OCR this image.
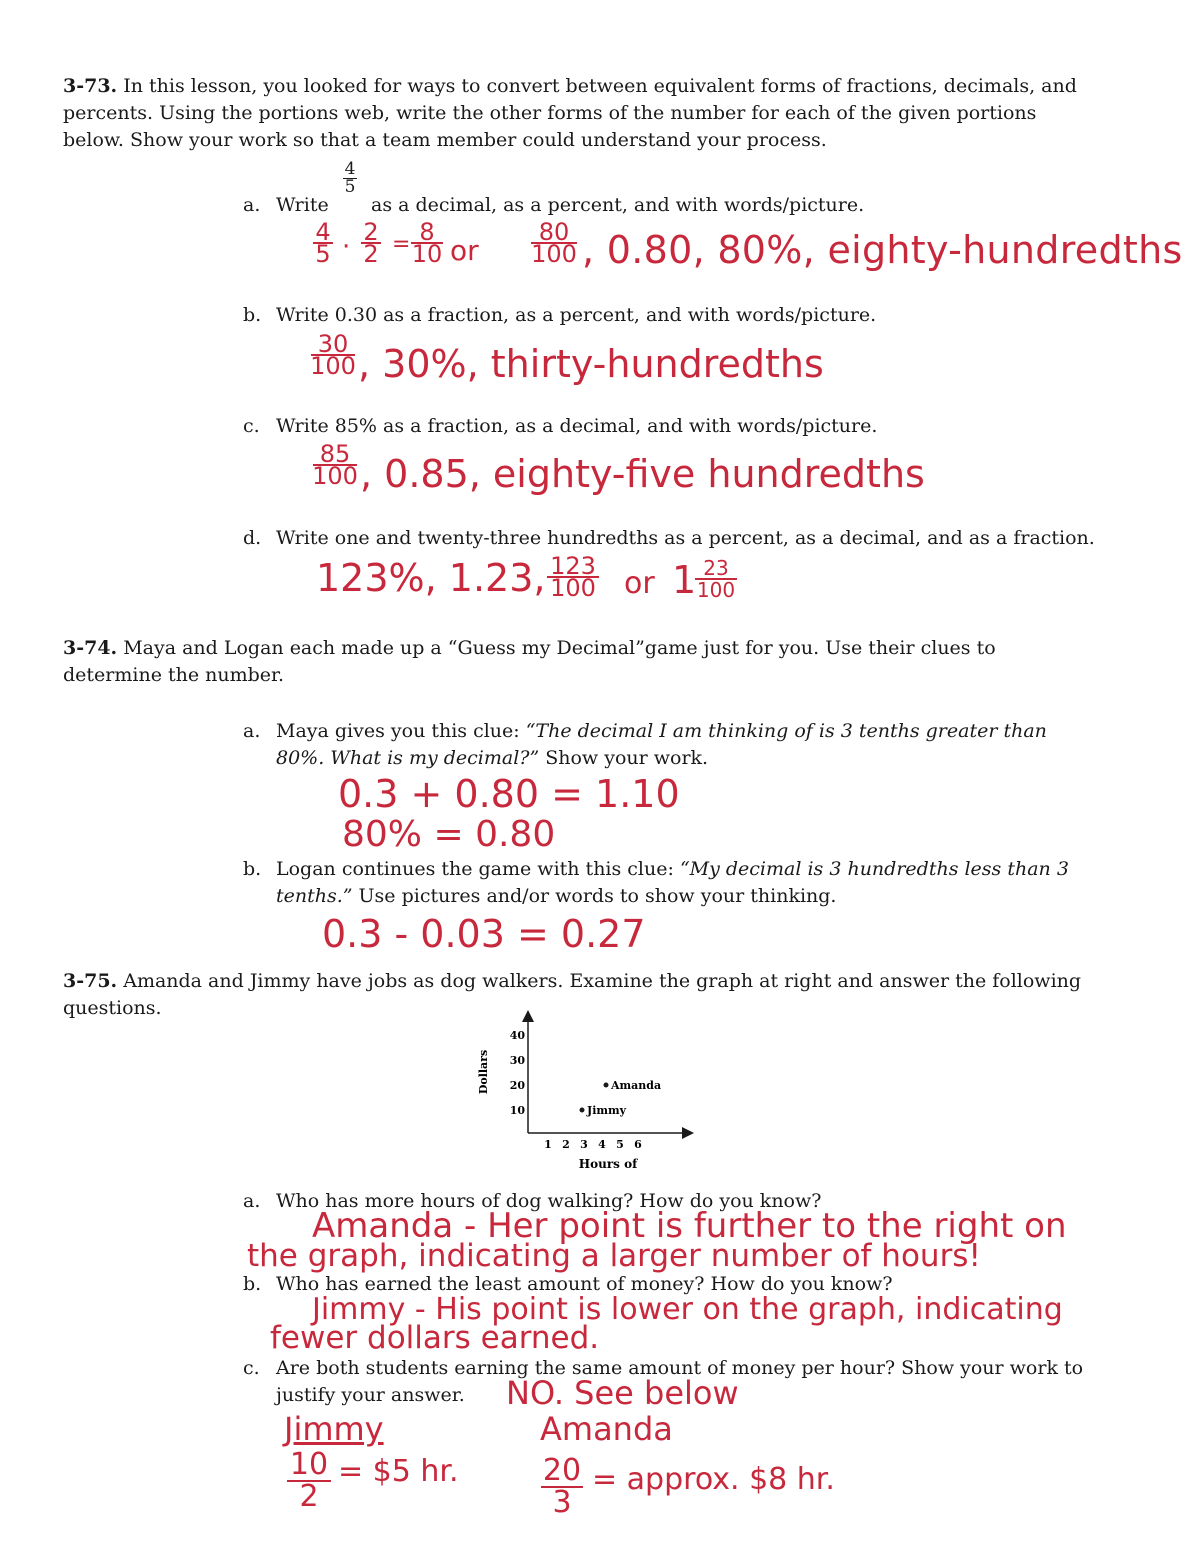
3-73. In this lesson, you looked for ways to convert between equivalent forms of fractions, decimals, and
percents. Using the portions web, write the other forms of the number for each of the given portions
below. Show your work so that a team member could understand your process.
a. Write
4
5
as a decimal, as a percent, and with words/picture.
4
5 · 2
2 = 8
10 or
80
100 , 0.80, 80%, eighty-hundredths
b. Write 0.30 as a fraction, as a percent, and with words/picture.
30
100 , 30%, thirty-hundredths
c. Write 85% as a fraction, as a decimal, and with words/picture.
85
100 , 0.85, eighty-five hundredths
d. Write one and twenty-three hundredths as a percent, as a decimal, and as a fraction.
123%, 1.23, 123
100 or 1 23
100
3-74. Maya and Logan each made up a “Guess my Decimal”game just for you. Use their clues to
determine the number.
a. Maya gives you this clue: “The decimal I am thinking of is 3 tenths greater than
80%. What is my decimal?” Show your work.
0.3 + 0.80 = 1.10
80% = 0.80
b. Logan continues the game with this clue: “My decimal is 3 hundredths less than 3
tenths.” Use pictures and/or words to show your thinking.
0.3 - 0.03 = 0.27
3-75. Amanda and Jimmy have jobs as dog walkers. Examine the graph at right and answer the following
questions.
Dollars
Hours of
1 2 3 4 5 6
10
20
30
40
Amanda
Jimmy
a. Who has more hours of dog walking? How do you know?
Amanda - Her point is further to the right on
the graph, indicating a larger number of hours!
b. Who has earned the least amount of money? How do you know?
Jimmy - His point is lower on the graph, indicating
fewer dollars earned.
c. Are both students earning the same amount of money per hour? Show your work to
justify your answer. NO. See below
Jimmy	Amanda
10
2
= $5 hr.	20
3
= approx. $8 hr.
